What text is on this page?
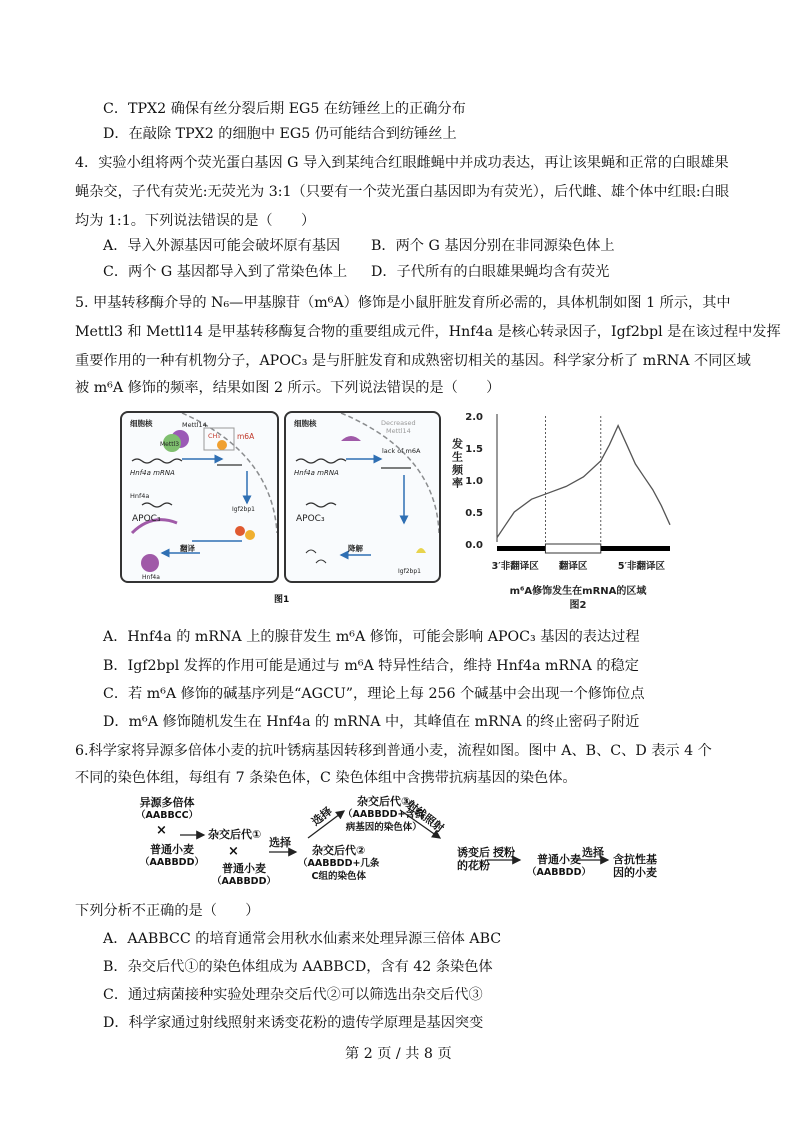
C．TPX2 确保有丝分裂后期 EG5 在纺锤丝上的正确分布
D．在敲除 TPX2 的细胞中 EG5 仍可能结合到纺锤丝上
4．实验小组将两个荧光蛋白基因 G 导入到某纯合红眼雌蝇中并成功表达，再让该果蝇和正常的白眼雄果
蝇杂交，子代有荧光:无荧光为 3:1（只要有一个荧光蛋白基因即为有荧光），后代雌、雄个体中红眼:白眼
均为 1:1。下列说法错误的是（　　）
A．导入外源基因可能会破坏原有基因 B．两个 G 基因分别在非同源染色体上
C．两个 G 基因都导入到了常染色体上 D．子代所有的白眼雄果蝇均含有荧光
5. 甲基转移酶介导的 N₆—甲基腺苷（m⁶A）修饰是小鼠肝脏发育所必需的，具体机制如图 1 所示，其中
Mettl3 和 Mettl14 是甲基转移酶复合物的重要组成元件，Hnf4a 是核心转录因子，Igf2bpl 是在该过程中发挥
重要作用的一种有机物分子，APOC₃ 是与肝脏发育和成熟密切相关的基因。科学家分析了 mRNA 不同区域
被 m⁶A 修饰的频率，结果如图 2 所示。下列说法错误的是（　　）
细胞核	Mettl14
Mettl3
CH₃ m6A
Hnf4a mRNA
Hnf4a
Igf2bp1
APOC₃
翻译
Hnf4a
细胞核	Decreased
Mettl14
lack of m6A
Hnf4a mRNA
APOC₃
降解
Igf2bp1
图1
2.0
1.5
1.0
0.5
0.0
发生频率
3′非翻译区 翻译区	5′非翻译区
m⁶A修饰发生在mRNA的区域
图2
A．Hnf4a 的 mRNA 上的腺苷发生 m⁶A 修饰，可能会影响 APOC₃ 基因的表达过程
B．Igf2bpl 发挥的作用可能是通过与 m⁶A 特异性结合，维持 Hnf4a mRNA 的稳定
C．若 m⁶A 修饰的碱基序列是“AGCU”，理论上每 256 个碱基中会出现一个修饰位点
D．m⁶A 修饰随机发生在 Hnf4a 的 mRNA 中，其峰值在 mRNA 的终止密码子附近
6.科学家将异源多倍体小麦的抗叶锈病基因转移到普通小麦，流程如图。图中 A、B、C、D 表示 4 个
不同的染色体组，每组有 7 条染色体，C 染色体组中含携带抗病基因的染色体。
异源多倍体
（AABBCC）
×
普通小麦
（AABBDD）
杂交后代①
×
普通小麦
（AABBDD）
选择
杂交后代②
（AABBDD+几条
C组的染色体
选择
杂交后代③
（AABBDD+含抗
病基因的染色体）
射线照射
诱变后
的花粉
授粉
普通小麦
（AABBDD）
选择
含抗性基
因的小麦
下列分析不正确的是（　　）
A．AABBCC 的培育通常会用秋水仙素来处理异源三倍体 ABC
B．杂交后代①的染色体组成为 AABBCD，含有 42 条染色体
C．通过病菌接种实验处理杂交后代②可以筛选出杂交后代③
D．科学家通过射线照射来诱变花粉的遗传学原理是基因突变
第 2 页 / 共 8 页
